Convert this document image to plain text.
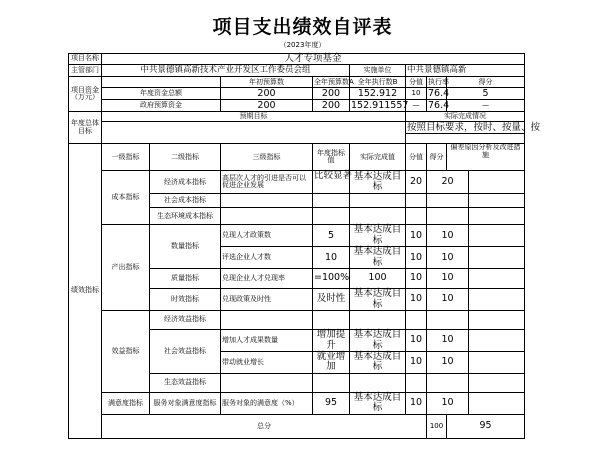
项目支出绩效自评表
（2023年度）
项目名称	人才专项基金									
主管部门	中共景德镇高新技术产业开发区工作委员会组				实施单位	中共景德镇高新				
项目资金（万元）			年初预算数	全年预算数A	全年执行数B	分值	执行率	得分		
	年度资金总额		200	200	152.912	10	76.4	5		
	政府预算资金		200	200	152.911557	—	76.4	—		
年度总体目标	预期目标					实际完成情况				
						按照目标要求，按时、按量、按				

绩效指标	一级指标	二级指标	三级指标	年度指标值	实际完成值	分值	得分	偏差原因分析及改进措施		
	成本指标	经济成本指标	高层次人才的引进是否可以促进企业发展	比较显著	基本达成目标	20	20			
		社会成本指标								
		生态环境成本指标								
	产出指标	数量指标	兑现人才政策数	5	基本达成目标	10	10			
			评选企业人才数	10	基本达成目标	10	10			
		质量指标	兑现企业人才兑现率	=100%	100	10	10			
		时效指标	兑现政策及时性	及时性	基本达成目标	10	10			
	效益指标	经济效益指标								
		社会效益指标	增加人才成果数量	增加提升	基本达成目标	10	10			
			带动就业增长	就业增加	基本达成目标	10	10			
		生态效益指标								
	满意度指标	服务对象满意度指标	服务对象的满意度（%）	95	基本达成目标	10	10			
	总分						100	95		
